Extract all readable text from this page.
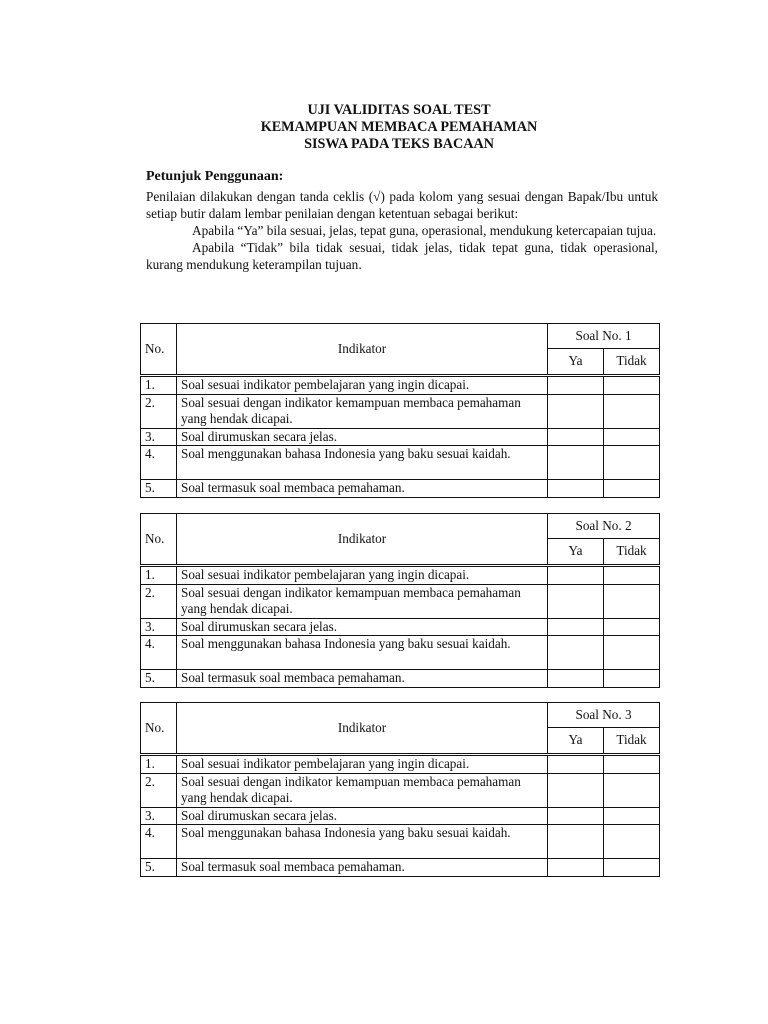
UJI VALIDITAS SOAL TEST
KEMAMPUAN MEMBACA PEMAHAMAN
SISWA PADA TEKS BACAAN
Petunjuk Penggunaan:

Penilaian dilakukan dengan tanda ceklis (√) pada kolom yang sesuai dengan Bapak/Ibu untuk setiap butir dalam lembar penilaian dengan ketentuan sebagai berikut:

Apabila “Ya” bila sesuai, jelas, tepat guna, operasional, mendukung ketercapaian tujua.

Apabila “Tidak” bila tidak sesuai, tidak jelas, tidak tepat guna, tidak operasional, kurang mendukung keterampilan tujuan.

No.	Indikator	Soal No. 1	
		Ya	Tidak
1.	Soal sesuai indikator pembelajaran yang ingin dicapai.		
2.	Soal sesuai dengan indikator kemampuan membaca pemahaman yang hendak dicapai.		
3.	Soal dirumuskan secara jelas.		
4.	Soal menggunakan bahasa Indonesia yang baku sesuai kaidah.		
5.	Soal termasuk soal membaca pemahaman.		
No.	Indikator	Soal No. 2	
		Ya	Tidak
1.	Soal sesuai indikator pembelajaran yang ingin dicapai.		
2.	Soal sesuai dengan indikator kemampuan membaca pemahaman yang hendak dicapai.		
3.	Soal dirumuskan secara jelas.		
4.	Soal menggunakan bahasa Indonesia yang baku sesuai kaidah.		
5.	Soal termasuk soal membaca pemahaman.		
No.	Indikator	Soal No. 3	
		Ya	Tidak
1.	Soal sesuai indikator pembelajaran yang ingin dicapai.		
2.	Soal sesuai dengan indikator kemampuan membaca pemahaman yang hendak dicapai.		
3.	Soal dirumuskan secara jelas.		
4.	Soal menggunakan bahasa Indonesia yang baku sesuai kaidah.		
5.	Soal termasuk soal membaca pemahaman.		
